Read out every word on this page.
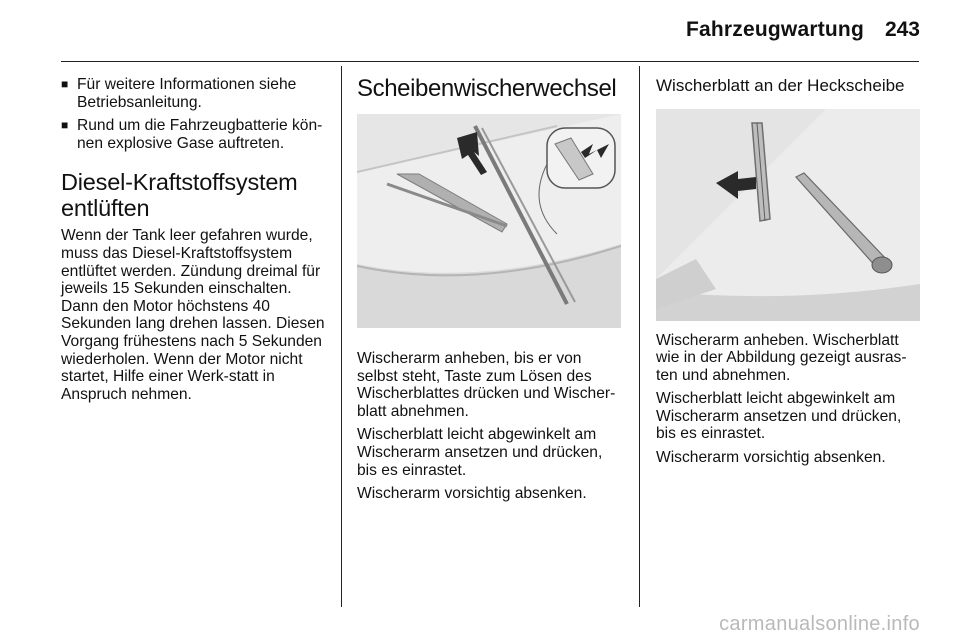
Fahrzeugwartung 243
■ Für weitere Informationen siehe Betriebsanleitung.
■ Rund um die Fahrzeugbatterie kön-nen explosive Gase auftreten.
Diesel-Kraftstoffsystem entlüften

Wenn der Tank leer gefahren wurde, muss das Diesel-Kraftstoffsystem entlüftet werden. Zündung dreimal für jeweils 15 Sekunden einschalten. Dann den Motor höchstens 40 Sekunden lang drehen lassen. Diesen Vorgang frühestens nach 5 Sekunden wiederholen. Wenn der Motor nicht startet, Hilfe einer Werk-statt in Anspruch nehmen.

Scheibenwischerwechsel

Wischerarm anheben, bis er von selbst steht, Taste zum Lösen des Wischerblattes drücken und Wischer-blatt abnehmen.

Wischerblatt leicht abgewinkelt am Wischerarm ansetzen und drücken, bis es einrastet.

Wischerarm vorsichtig absenken.

Wischerblatt an der Heckscheibe

Wischerarm anheben. Wischerblatt wie in der Abbildung gezeigt ausras-ten und abnehmen.

Wischerblatt leicht abgewinkelt am Wischerarm ansetzen und drücken, bis es einrastet.

Wischerarm vorsichtig absenken.

carmanualsonline.info
